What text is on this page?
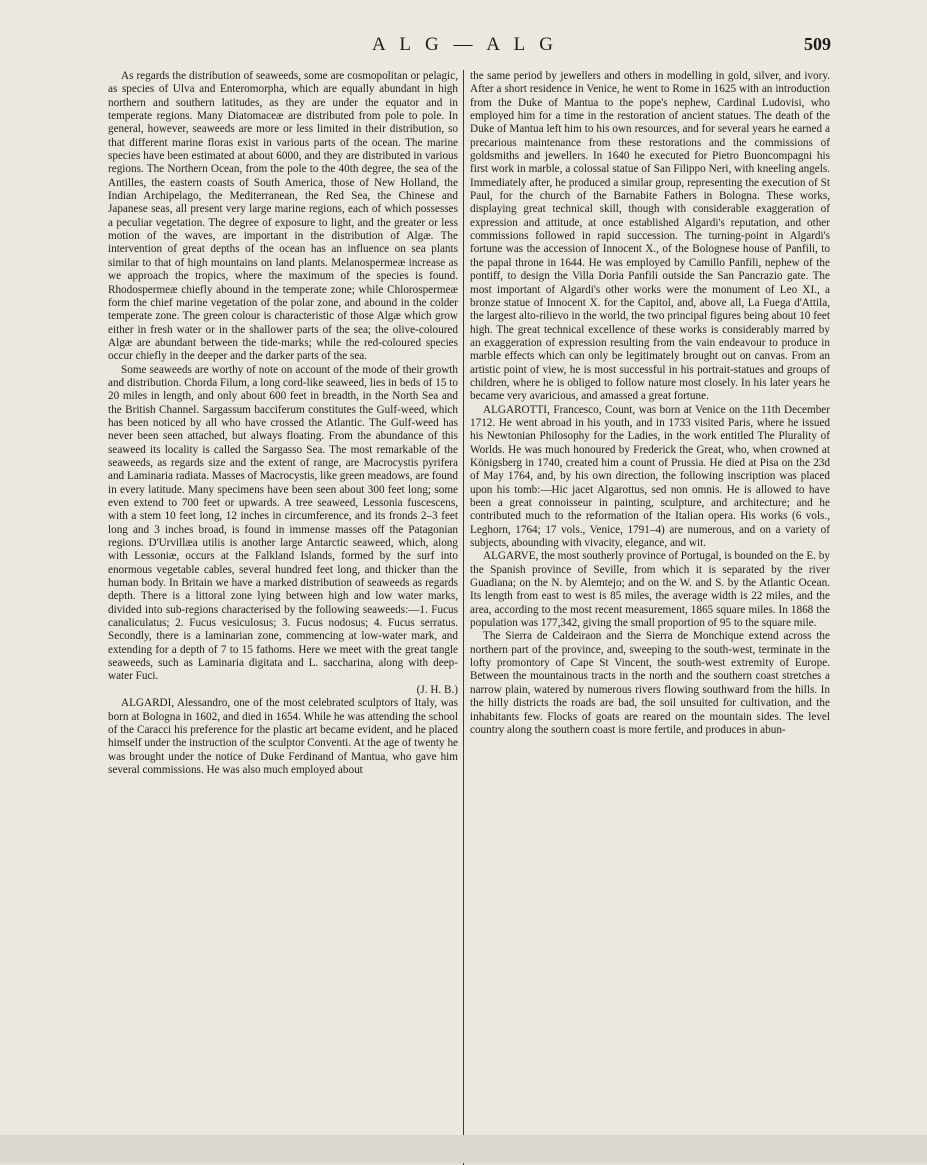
A L G — A L G	509

As regards the distribution of seaweeds, some are cosmopolitan or pelagic, as species of Ulva and Enteromorpha, which are equally abundant in high northern and southern latitudes, as they are under the equator and in temperate regions. Many Diatomaceæ are distributed from pole to pole. In general, however, seaweeds are more or less limited in their distribution, so that different marine floras exist in various parts of the ocean. The marine species have been estimated at about 6000, and they are distributed in various regions. The Northern Ocean, from the pole to the 40th degree, the sea of the Antilles, the eastern coasts of South America, those of New Holland, the Indian Archipelago, the Mediterranean, the Red Sea, the Chinese and Japanese seas, all present very large marine regions, each of which possesses a peculiar vegetation. The degree of exposure to light, and the greater or less motion of the waves, are important in the distribution of Algæ. The intervention of great depths of the ocean has an influence on sea plants similar to that of high mountains on land plants. Melanospermeæ increase as we approach the tropics, where the maximum of the species is found. Rhodospermeæ chiefly abound in the temperate zone; while Chlorospermeæ form the chief marine vegetation of the polar zone, and abound in the colder temperate zone. The green colour is characteristic of those Algæ which grow either in fresh water or in the shallower parts of the sea; the olive-coloured Algæ are abundant between the tide-marks; while the red-coloured species occur chiefly in the deeper and the darker parts of the sea.

Some seaweeds are worthy of note on account of the mode of their growth and distribution. Chorda Filum, a long cord-like seaweed, lies in beds of 15 to 20 miles in length, and only about 600 feet in breadth, in the North Sea and the British Channel. Sargassum bacciferum constitutes the Gulf-weed, which has been noticed by all who have crossed the Atlantic. The Gulf-weed has never been seen attached, but always floating. From the abundance of this seaweed its locality is called the Sargasso Sea. The most remarkable of the seaweeds, as regards size and the extent of range, are Macrocystis pyrifera and Laminaria radiata. Masses of Macrocystis, like green meadows, are found in every latitude. Many specimens have been seen about 300 feet long; some even extend to 700 feet or upwards. A tree seaweed, Lessonia fuscescens, with a stem 10 feet long, 12 inches in circumference, and its fronds 2–3 feet long and 3 inches broad, is found in immense masses off the Patagonian regions. D'Urvillæa utilis is another large Antarctic seaweed, which, along with Lessoniæ, occurs at the Falkland Islands, formed by the surf into enormous vegetable cables, several hundred feet long, and thicker than the human body. In Britain we have a marked distribution of seaweeds as regards depth. There is a littoral zone lying between high and low water marks, divided into sub-regions characterised by the following seaweeds:—1. Fucus canaliculatus; 2. Fucus vesiculosus; 3. Fucus nodosus; 4. Fucus serratus. Secondly, there is a laminarian zone, commencing at low-water mark, and extending for a depth of 7 to 15 fathoms. Here we meet with the great tangle seaweeds, such as Laminaria digitata and L. saccharina, along with deep-water Fuci.

(J. H. B.)

ALGARDI, Alessandro, one of the most celebrated sculptors of Italy, was born at Bologna in 1602, and died in 1654. While he was attending the school of the Caracci his preference for the plastic art became evident, and he placed himself under the instruction of the sculptor Conventi. At the age of twenty he was brought under the notice of Duke Ferdinand of Mantua, who gave him several commissions. He was also much employed about

the same period by jewellers and others in modelling in gold, silver, and ivory. After a short residence in Venice, he went to Rome in 1625 with an introduction from the Duke of Mantua to the pope's nephew, Cardinal Ludovisi, who employed him for a time in the restoration of ancient statues. The death of the Duke of Mantua left him to his own resources, and for several years he earned a precarious maintenance from these restorations and the commissions of goldsmiths and jewellers. In 1640 he executed for Pietro Buoncompagni his first work in marble, a colossal statue of San Filippo Neri, with kneeling angels. Immediately after, he produced a similar group, representing the execution of St Paul, for the church of the Barnabite Fathers in Bologna. These works, displaying great technical skill, though with considerable exaggeration of expression and attitude, at once established Algardi's reputation, and other commissions followed in rapid succession. The turning-point in Algardi's fortune was the accession of Innocent X., of the Bolognese house of Panfili, to the papal throne in 1644. He was employed by Camillo Panfili, nephew of the pontiff, to design the Villa Doria Panfili outside the San Pancrazio gate. The most important of Algardi's other works were the monument of Leo XI., a bronze statue of Innocent X. for the Capitol, and, above all, La Fuega d'Attila, the largest alto-rilievo in the world, the two principal figures being about 10 feet high. The great technical excellence of these works is considerably marred by an exaggeration of expression resulting from the vain endeavour to produce in marble effects which can only be legitimately brought out on canvas. From an artistic point of view, he is most successful in his portrait-statues and groups of children, where he is obliged to follow nature most closely. In his later years he became very avaricious, and amassed a great fortune.

ALGAROTTI, Francesco, Count, was born at Venice on the 11th December 1712. He went abroad in his youth, and in 1733 visited Paris, where he issued his Newtonian Philosophy for the Ladies, in the work entitled The Plurality of Worlds. He was much honoured by Frederick the Great, who, when crowned at Königsberg in 1740, created him a count of Prussia. He died at Pisa on the 23d of May 1764, and, by his own direction, the following inscription was placed upon his tomb:—Hic jacet Algarottus, sed non omnis. He is allowed to have been a great connoisseur in painting, sculpture, and architecture; and he contributed much to the reformation of the Italian opera. His works (6 vols., Leghorn, 1764; 17 vols., Venice, 1791–4) are numerous, and on a variety of subjects, abounding with vivacity, elegance, and wit.

ALGARVE, the most southerly province of Portugal, is bounded on the E. by the Spanish province of Seville, from which it is separated by the river Guadiana; on the N. by Alemtejo; and on the W. and S. by the Atlantic Ocean. Its length from east to west is 85 miles, the average width is 22 miles, and the area, according to the most recent measurement, 1865 square miles. In 1868 the population was 177,342, giving the small proportion of 95 to the square mile.

The Sierra de Caldeiraon and the Sierra de Monchique extend across the northern part of the province, and, sweeping to the south-west, terminate in the lofty promontory of Cape St Vincent, the south-west extremity of Europe. Between the mountainous tracts in the north and the southern coast stretches a narrow plain, watered by numerous rivers flowing southward from the hills. In the hilly districts the roads are bad, the soil unsuited for cultivation, and the inhabitants few. Flocks of goats are reared on the mountain sides. The level country along the southern coast is more fertile, and produces in abun-
